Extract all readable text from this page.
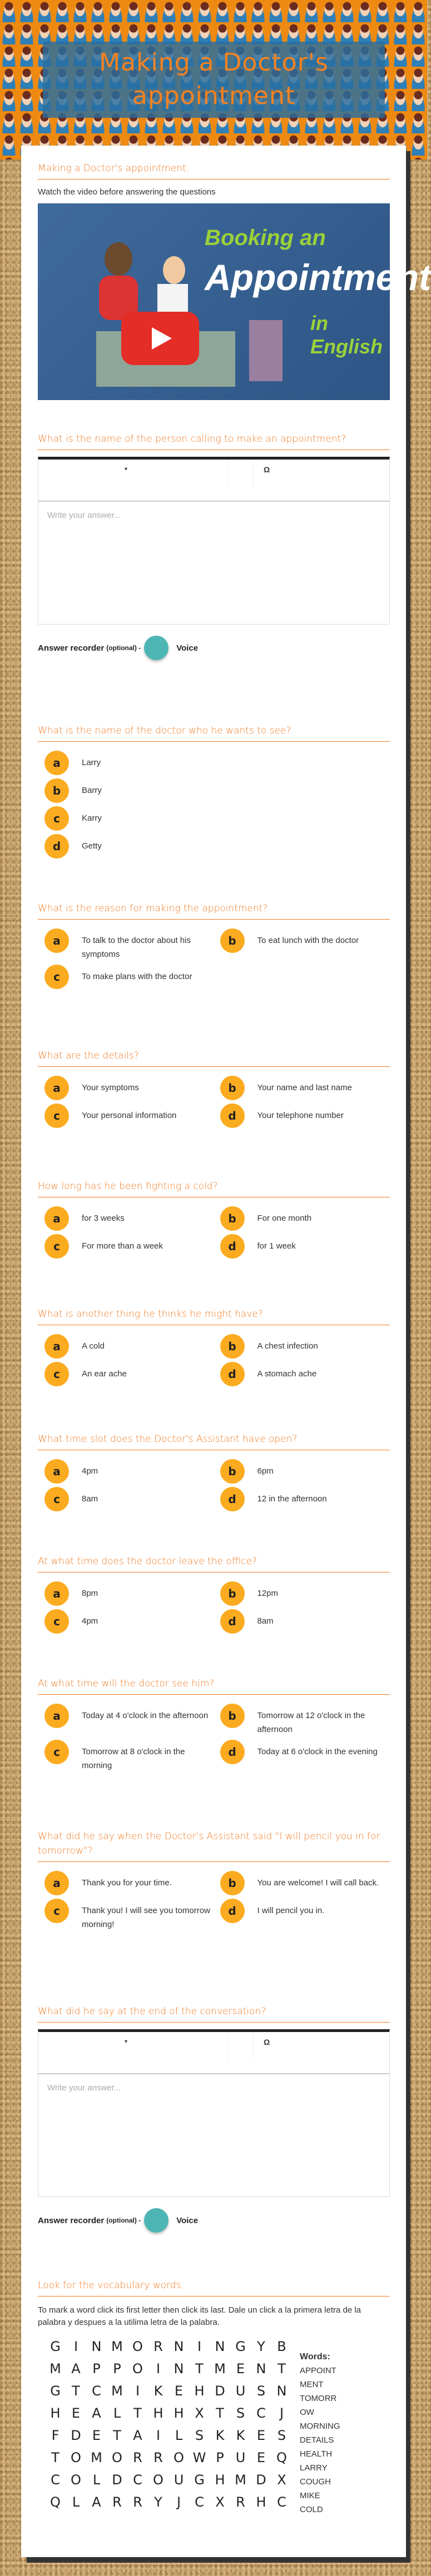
Making a Doctor's appointment
Making a Doctor's appointment.
Watch the video before answering the questions
Booking an
Appointment
in English
What is the name of the person calling to make an appointment?
▾	Ω
Write your answer...
Answer recorder (optional) -	Voice
What is the name of the doctor who he wants to see?
a	Larry
b	Barry
c	Karry
d	Getty
What is the reason for making the appointment?
a	To talk to the doctor about his symptoms
b	To eat lunch with the doctor
c	To make plans with the doctor
What are the details?
a	Your symptoms	b	Your name and last name
c	Your personal information	d	Your telephone number
How long has he been fighting a cold?
a	for 3 weeks	b	For one month
c	For more than a week	d	for 1 week
What is another thing he thinks he might have?
a	A cold	b	A chest infection
c	An ear ache	d	A stomach ache
What time slot does the Doctor's Assistant have open?
a	4pm	b	6pm
c	8am	d	12 in the afternoon
At what time does the doctor leave the office?
a	8pm	b	12pm
c	4pm	d	8am
At what time will the doctor see him?
a	Today at 4 o'clock in the afternoon	b	Tomorrow at 12 o'clock in the afternoon
c	Tomorrow at 8 o'clock in the morning
d	Today at 6 o'clock in the evening
What did he say when the Doctor's Assistant said "I will pencil you in for tomorrow"?
a	Thank you for your time.	b	You are welcome! I will call back.
c	Thank you! I will see you tomorrow morning!
d	I will pencil you in.
What did he say at the end of the conversation?
▾	Ω
Write your answer...
Answer recorder (optional) -	Voice
Look for the vocabulary words.
To mark a word click its first letter then click its last. Dale un click a la primera letra de la palabra y despues a la utilima letra de la palabra.
G	I	N M O R N	I	N G Y B
M A P P O	I	N T M E N T
G T C M I	K E H D U S N
H E A L T H H X T S C	J
F D E T A	I	L S K K E S
T O M O R R O W P U E Q
C O L D C O U G H M D X
Q L A R R Y	J	C X R H C
Words:
APPOINTMENT
TOMORROW
MORNING
DETAILS
HEALTH
LARRY
COUGH
MIKE
COLD
